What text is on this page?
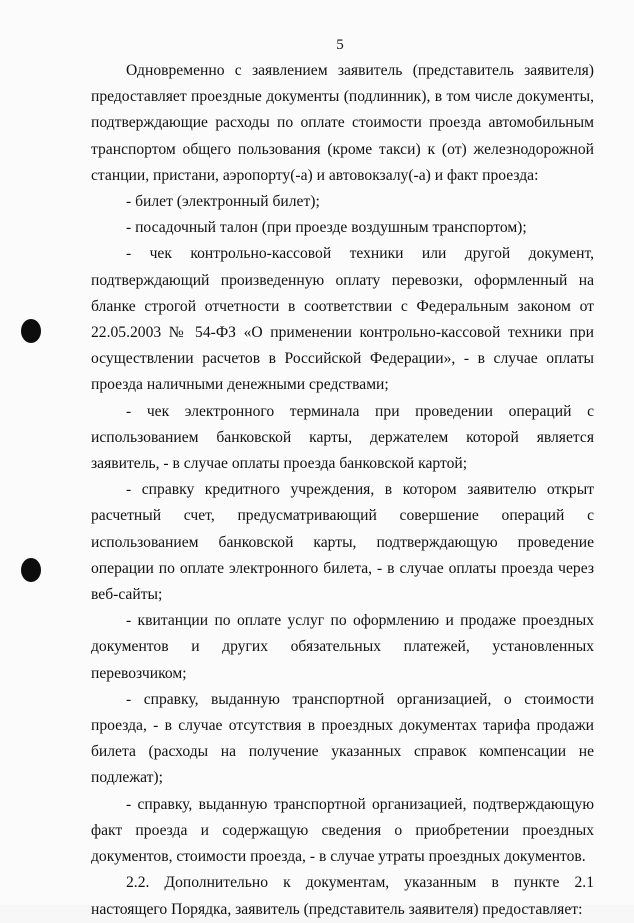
5

Одновременно с заявлением заявитель (представитель заявителя) предоставляет проездные документы (подлинник), в том числе документы, подтверждающие расходы по оплате стоимости проезда автомобильным транспортом общего пользования (кроме такси) к (от) железнодорожной станции, пристани, аэропорту(-а) и автовокзалу(-а) и факт проезда:

- билет (электронный билет);

- посадочный талон (при проезде воздушным транспортом);

- чек контрольно-кассовой техники или другой документ, подтверждающий произведенную оплату перевозки, оформленный на бланке строгой отчетности в соответствии с Федеральным законом от 22.05.2003 № 54-ФЗ «О применении контрольно-кассовой техники при осуществлении расчетов в Российской Федерации», - в случае оплаты проезда наличными денежными средствами;

- чек электронного терминала при проведении операций с использованием банковской карты, держателем которой является заявитель, - в случае оплаты проезда банковской картой;

- справку кредитного учреждения, в котором заявителю открыт расчетный счет, предусматривающий совершение операций с использованием банковской карты, подтверждающую проведение операции по оплате электронного билета, - в случае оплаты проезда через веб-сайты;

- квитанции по оплате услуг по оформлению и продаже проездных документов и других обязательных платежей, установленных перевозчиком;

- справку, выданную транспортной организацией, о стоимости проезда, - в случае отсутствия в проездных документах тарифа продажи билета (расходы на получение указанных справок компенсации не подлежат);

- справку, выданную транспортной организацией, подтверждающую факт проезда и содержащую сведения о приобретении проездных документов, стоимости проезда, - в случае утраты проездных документов.

2.2. Дополнительно к документам, указанным в пункте 2.1 настоящего Порядка, заявитель (представитель заявителя) предоставляет:
